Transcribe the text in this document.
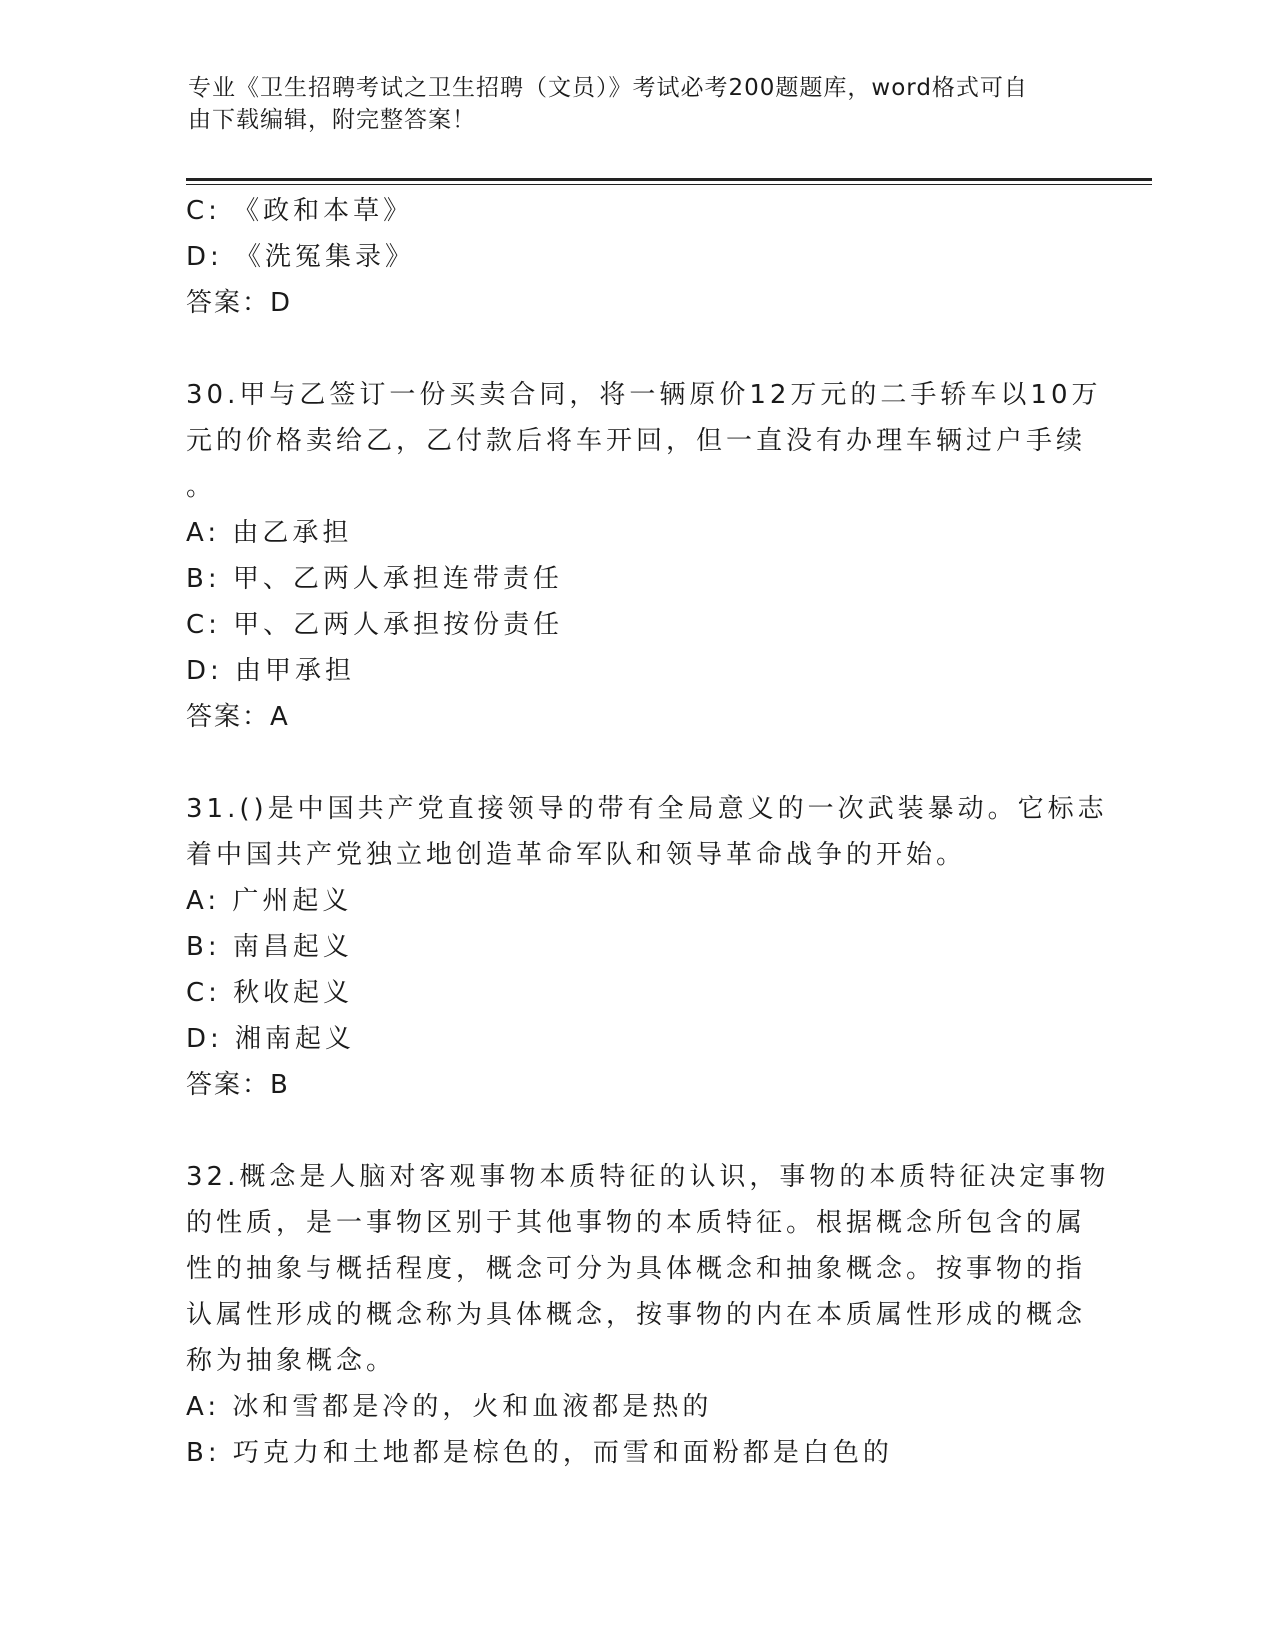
专业《卫生招聘考试之卫生招聘（文员）》考试必考200题题库，word格式可自
由下载编辑，附完整答案！
C: 《政和本草》
D: 《洗冤集录》
答案：D
30.甲与乙签订一份买卖合同，将一辆原价12万元的二手轿车以10万
元的价格卖给乙，乙付款后将车开回，但一直没有办理车辆过户手续
。
A: 由乙承担
B: 甲、乙两人承担连带责任
C: 甲、乙两人承担按份责任
D: 由甲承担
答案：A
31.()是中国共产党直接领导的带有全局意义的一次武装暴动。它标志
着中国共产党独立地创造革命军队和领导革命战争的开始。
A: 广州起义
B: 南昌起义
C: 秋收起义
D: 湘南起义
答案：B
32.概念是人脑对客观事物本质特征的认识，事物的本质特征决定事物
的性质，是一事物区别于其他事物的本质特征。根据概念所包含的属
性的抽象与概括程度，概念可分为具体概念和抽象概念。按事物的指
认属性形成的概念称为具体概念，按事物的内在本质属性形成的概念
称为抽象概念。
A: 冰和雪都是冷的，火和血液都是热的
B: 巧克力和土地都是棕色的，而雪和面粉都是白色的
